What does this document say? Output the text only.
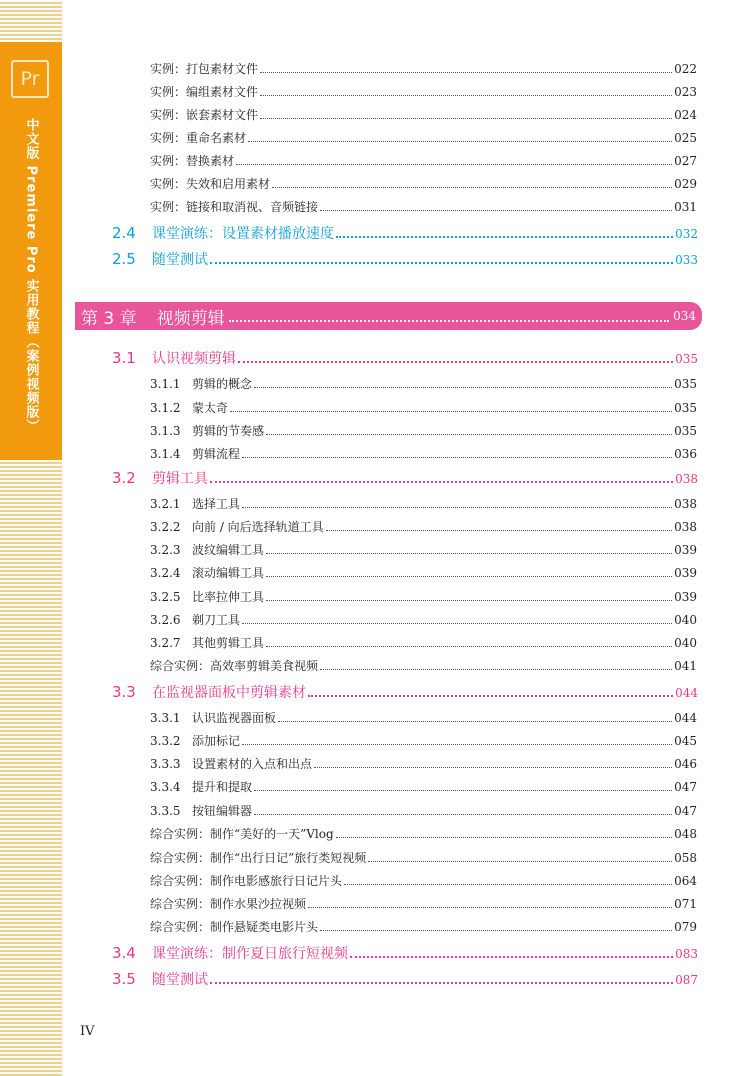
Pr
中文版 Premiere Pro 实用教程（案例视频版）
实例：打包素材文件	022
实例：编组素材文件	023
实例：嵌套素材文件	024
实例：重命名素材	025
实例：替换素材	027
实例：失效和启用素材	029
实例：链接和取消视、音频链接	031
2.4	课堂演练：设置素材播放速度	032
2.5	随堂测试	033
第 3 章 视频剪辑	034
3.1	认识视频剪辑	035
3.1.1 剪辑的概念	035
3.1.2 蒙太奇	035
3.1.3 剪辑的节奏感	035
3.1.4 剪辑流程	036
3.2	剪辑工具	038
3.2.1 选择工具	038
3.2.2 向前 / 向后选择轨道工具	038
3.2.3 波纹编辑工具	039
3.2.4 滚动编辑工具	039
3.2.5 比率拉伸工具	039
3.2.6 剃刀工具	040
3.2.7 其他剪辑工具	040
综合实例：高效率剪辑美食视频	041
3.3	在监视器面板中剪辑素材	044
3.3.1 认识监视器面板	044
3.3.2 添加标记	045
3.3.3 设置素材的入点和出点	046
3.3.4 提升和提取	047
3.3.5 按钮编辑器	047
综合实例：制作“美好的一天”Vlog	048
综合实例：制作“出行日记”旅行类短视频	058
综合实例：制作电影感旅行日记片头	064
综合实例：制作水果沙拉视频	071
综合实例：制作悬疑类电影片头	079
3.4	课堂演练：制作夏日旅行短视频	083
3.5	随堂测试	087
IV
